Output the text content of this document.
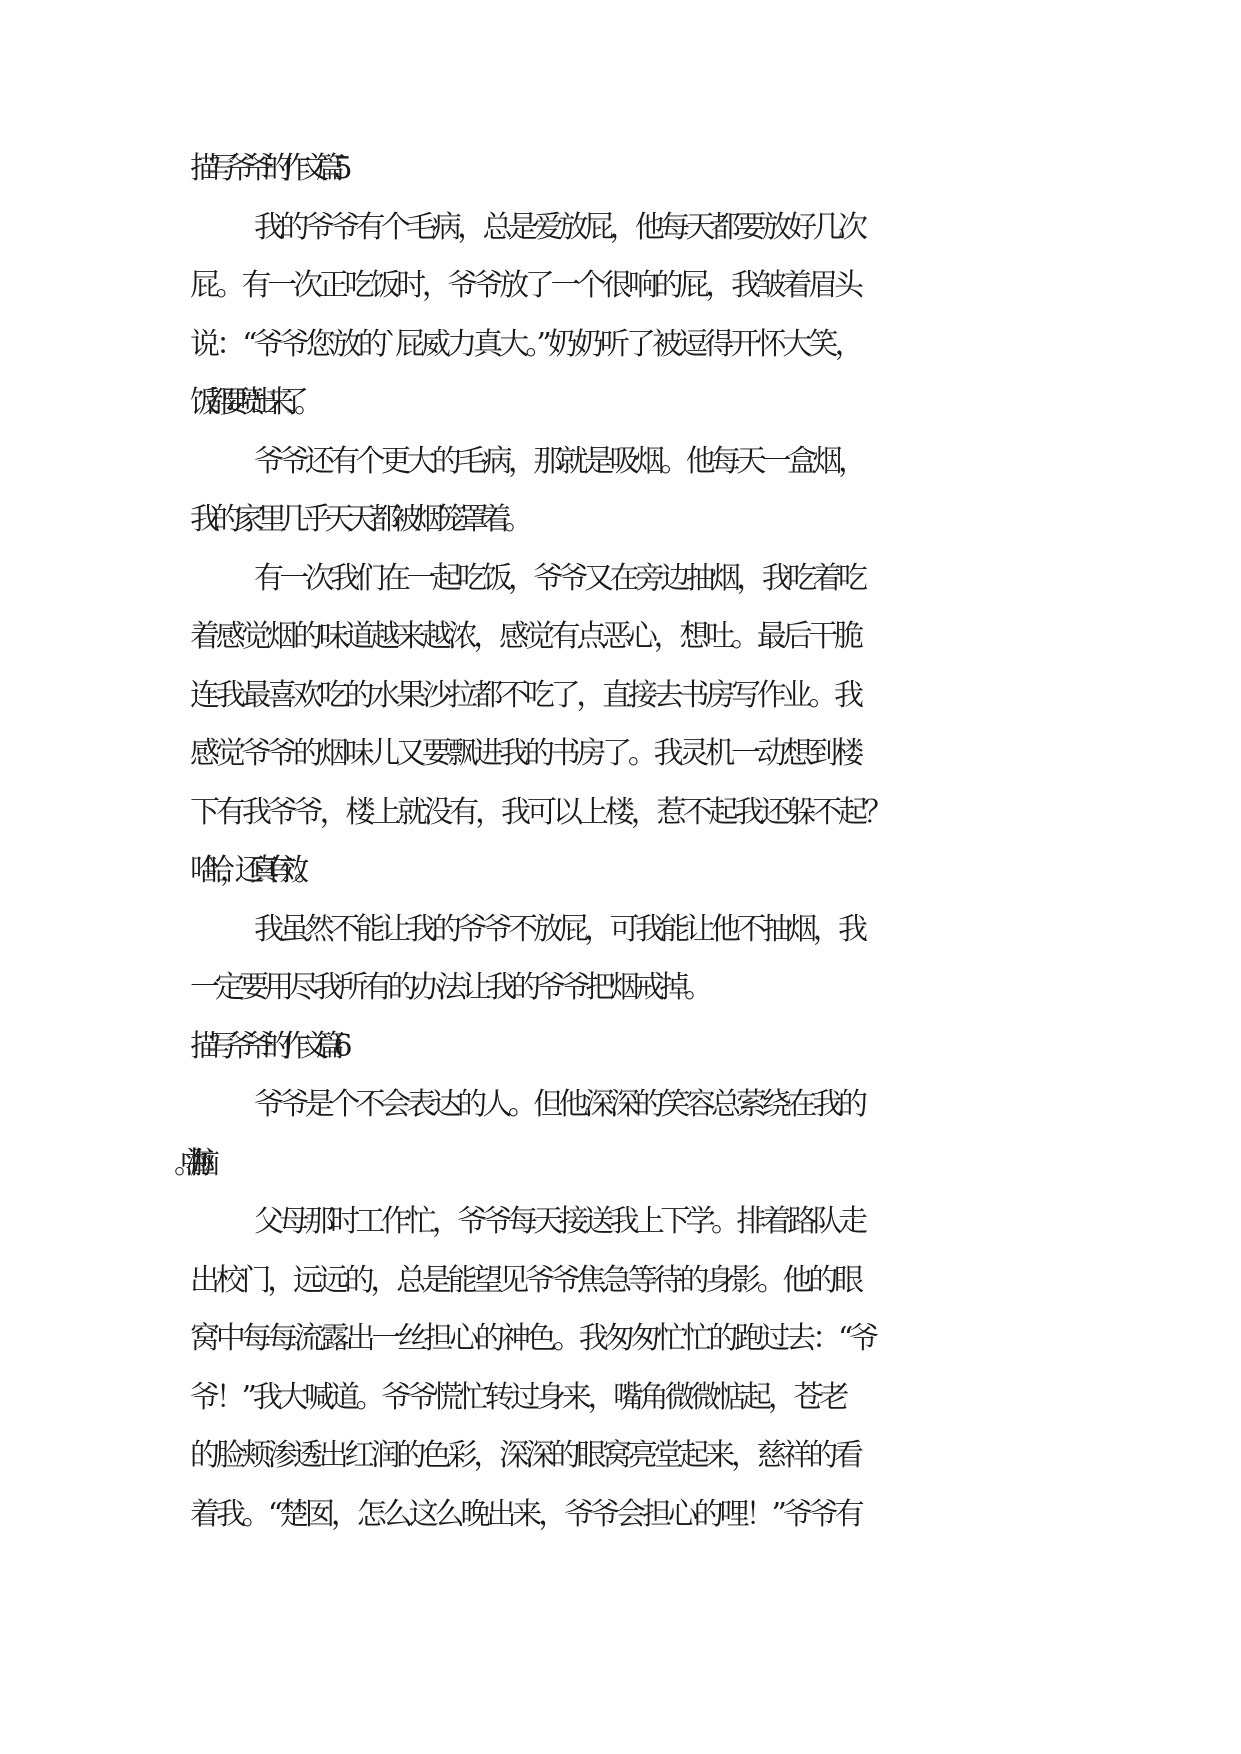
描写爷爷的作文 篇5
我的爷爷有个毛病，总是爱放屁，他每天都要放好几次
屁。有一次正吃饭时，爷爷放了一个很响的屁，我皱着眉头
说：“爷爷您放的`屁威力真大。”奶奶听了被逗得开怀大笑，
饭都要喷出来了。
爷爷还有个更大的毛病，那就是吸烟。他每天一盒烟，
我的家里几乎天天都被烟笼罩着。
有一次我们在一起吃饭，爷爷又在旁边抽烟，我吃着吃
着感觉烟的味道越来越浓，感觉有点恶心，想吐。最后干脆
连我最喜欢吃的水果沙拉都不吃了，直接去书房写作业。我
感觉爷爷的烟味儿又要飘进我的书房了。我灵机一动想到楼
下有我爷爷，楼上就没有，我可以上楼，惹不起我还躲不起？
哈哈，还真有效。
我虽然不能让我的爷爷不放屁，可我能让他不抽烟，我
一定要用尽我所有的办法让我的爷爷把烟戒掉。
描写爷爷的作文 篇6
爷爷是个不会表达的人。但他深深的笑容总萦绕在我的
父母那时工作忙，爷爷每天接送我上下学。排着路队走
出校门，远远的，总是能望见爷爷焦急等待的身影。他的眼
窝中每每流露出一丝担心的神色。我匆匆忙忙的跑过去：“爷
爷！”我大喊道。爷爷慌忙转过身来，嘴角微微惦起，苍老
的脸颊渗透出红润的色彩，深深的眼窝亮堂起来，慈祥的看
着我。“楚囡，怎么这么晚出来，爷爷会担心的哩！”爷爷有
